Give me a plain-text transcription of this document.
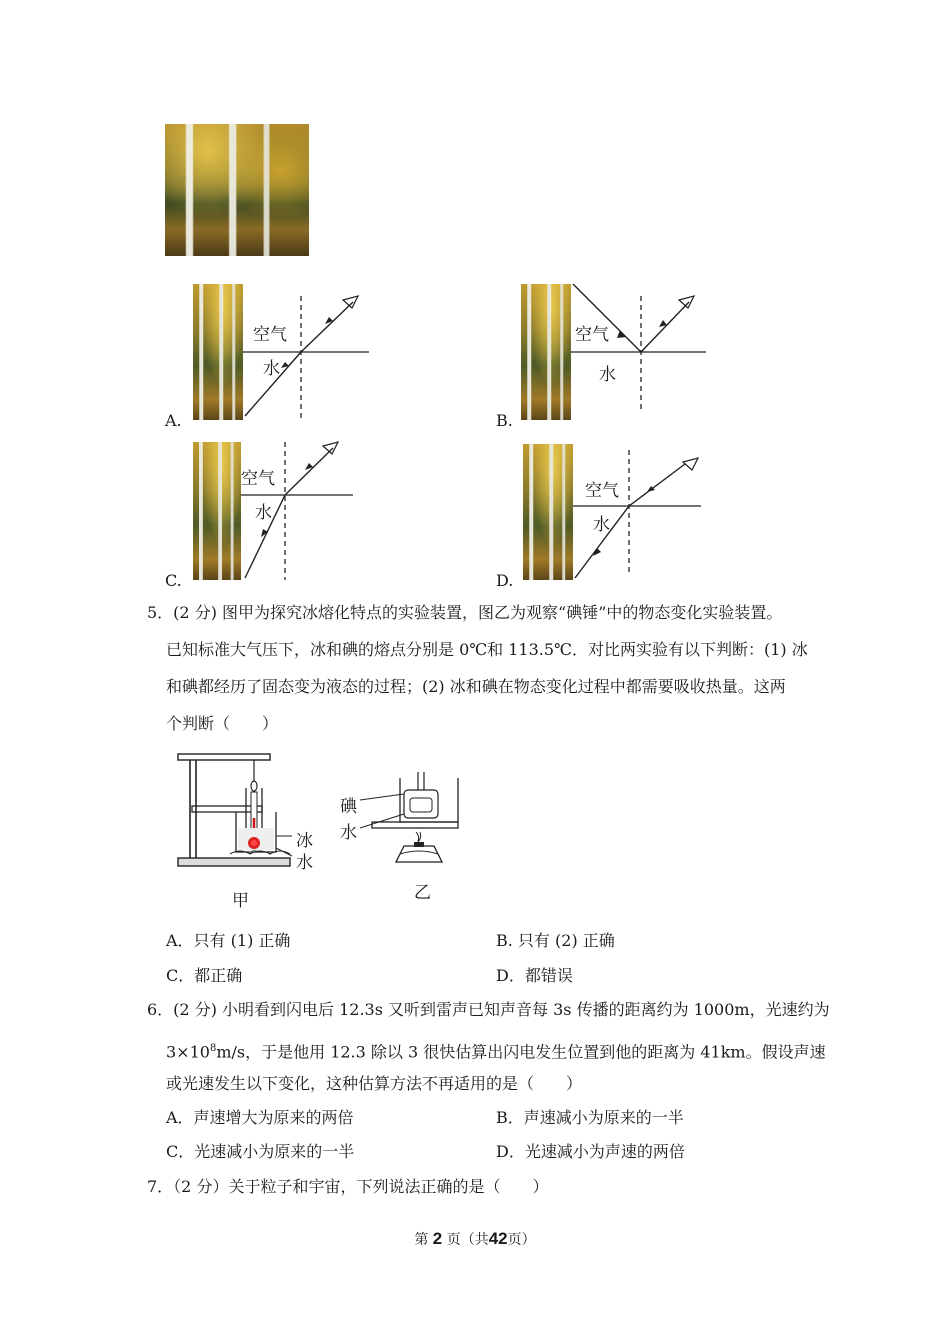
空气
水
A.
空气
水
B.
空气
水
C.
空气
水
D.
5．(2 分) 图甲为探究冰熔化特点的实验装置，图乙为观察“碘锤”中的物态变化实验装置。
已知标准大气压下，冰和碘的熔点分别是 0℃和 113.5℃．对比两实验有以下判断：(1) 冰
和碘都经历了固态变为液态的过程；(2) 冰和碘在物态变化过程中都需要吸收热量。这两
个判断（　　）
冰
水
甲
碘
水
乙
A．只有 (1) 正确	B. 只有 (2) 正确
C．都正确	D．都错误
6．(2 分) 小明看到闪电后 12.3s 又听到雷声已知声音每 3s 传播的距离约为 1000m，光速约为
$3\times 10^8m/s$，于是他用 12.3 除以 3 很快估算出闪电发生位置到他的距离为 41km。假设声速
或光速发生以下变化，这种估算方法不再适用的是（　　）
A．声速增大为原来的两倍	B．声速减小为原来的一半
C．光速减小为原来的一半	D．光速减小为声速的两倍
7．（2 分）关于粒子和宇宙，下列说法正确的是（　　）
第 2 页（共42页）
